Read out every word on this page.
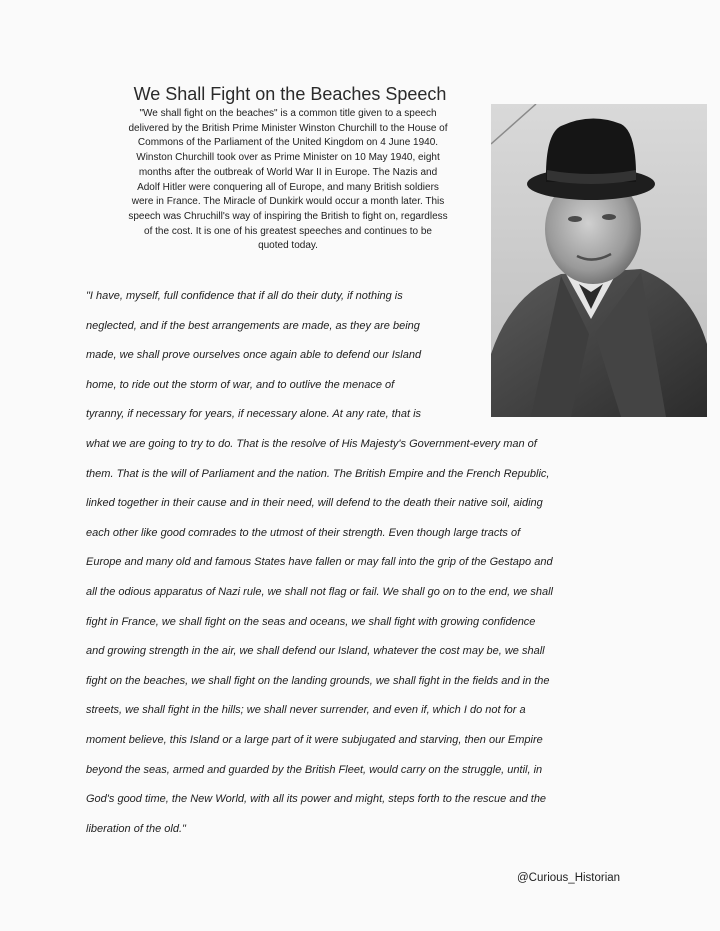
We Shall Fight on the Beaches Speech
"We shall fight on the beaches" is a common title given to a speech
delivered by the British Prime Minister Winston Churchill to the House of
Commons of the Parliament of the United Kingdom on 4 June 1940.
Winston Churchill took over as Prime Minister on 10 May 1940, eight
months after the outbreak of World War II in Europe. The Nazis and
Adolf Hitler were conquering all of Europe, and many British soldiers
were in France. The Miracle of Dunkirk would occur a month later. This
speech was Chruchill's way of inspiring the British to fight on, regardless
of the cost. It is one of his greatest speeches and continues to be
quoted today.
"I have, myself, full confidence that if all do their duty, if nothing is
neglected, and if the best arrangements are made, as they are being
made, we shall prove ourselves once again able to defend our Island
home, to ride out the storm of war, and to outlive the menace of
tyranny, if necessary for years, if necessary alone. At any rate, that is
what we are going to try to do. That is the resolve of His Majesty's Government-every man of
them. That is the will of Parliament and the nation. The British Empire and the French Republic,
linked together in their cause and in their need, will defend to the death their native soil, aiding
each other like good comrades to the utmost of their strength. Even though large tracts of
Europe and many old and famous States have fallen or may fall into the grip of the Gestapo and
all the odious apparatus of Nazi rule, we shall not flag or fail. We shall go on to the end, we shall
fight in France, we shall fight on the seas and oceans, we shall fight with growing confidence
and growing strength in the air, we shall defend our Island, whatever the cost may be, we shall
fight on the beaches, we shall fight on the landing grounds, we shall fight in the fields and in the
streets, we shall fight in the hills; we shall never surrender, and even if, which I do not for a
moment believe, this Island or a large part of it were subjugated and starving, then our Empire
beyond the seas, armed and guarded by the British Fleet, would carry on the struggle, until, in
God's good time, the New World, with all its power and might, steps forth to the rescue and the
liberation of the old."
@Curious_Historian
